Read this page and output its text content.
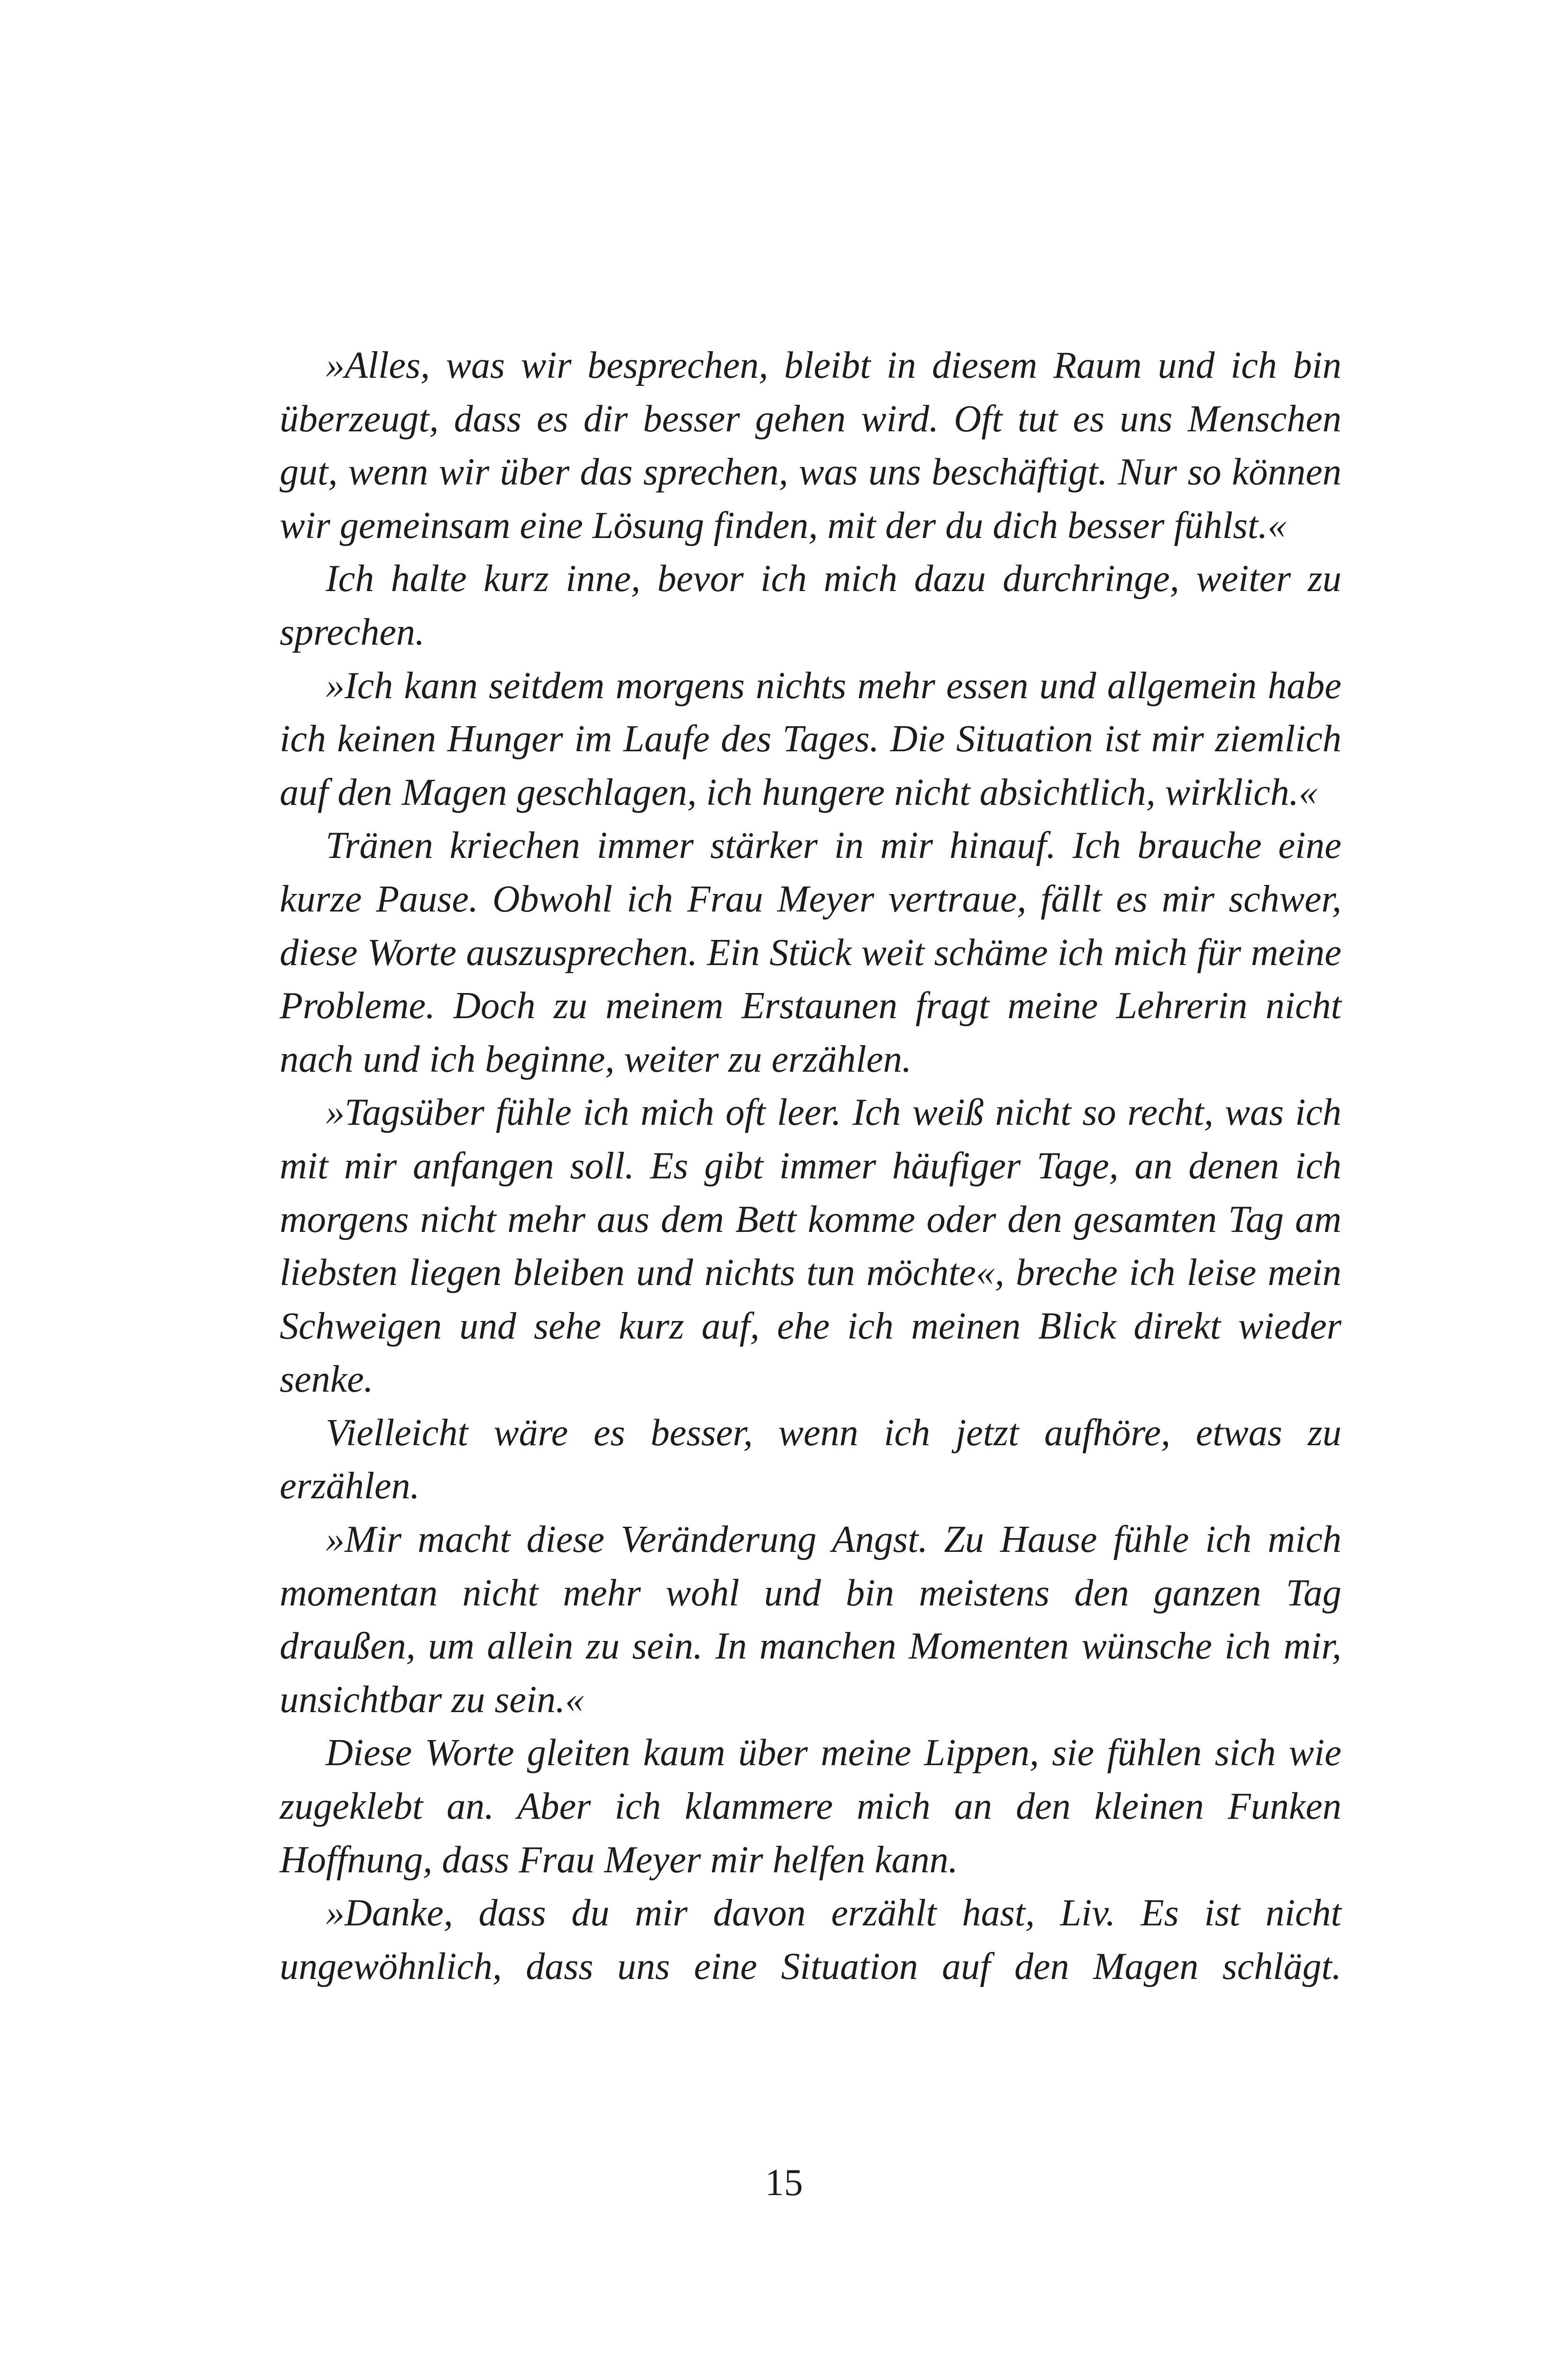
»Alles, was wir besprechen, bleibt in diesem Raum und ich bin überzeugt, dass es dir besser gehen wird. Oft tut es uns Menschen gut, wenn wir über das sprechen, was uns beschäftigt. Nur so können wir gemeinsam eine Lösung finden, mit der du dich besser fühlst.«

Ich halte kurz inne, bevor ich mich dazu durchringe, weiter zu sprechen.

»Ich kann seitdem morgens nichts mehr essen und allgemein habe ich keinen Hunger im Laufe des Tages. Die Situation ist mir ziemlich auf den Magen geschlagen, ich hungere nicht absichtlich, wirklich.«

Tränen kriechen immer stärker in mir hinauf. Ich brauche eine kurze Pause. Obwohl ich Frau Meyer vertraue, fällt es mir schwer, diese Worte auszusprechen. Ein Stück weit schäme ich mich für meine Probleme. Doch zu meinem Erstaunen fragt meine Lehrerin nicht nach und ich beginne, weiter zu erzählen.

»Tagsüber fühle ich mich oft leer. Ich weiß nicht so recht, was ich mit mir anfangen soll. Es gibt immer häufiger Tage, an denen ich morgens nicht mehr aus dem Bett komme oder den gesamten Tag am liebsten liegen bleiben und nichts tun möchte«, breche ich leise mein Schweigen und sehe kurz auf, ehe ich meinen Blick direkt wieder senke.

Vielleicht wäre es besser, wenn ich jetzt aufhöre, etwas zu erzählen.

»Mir macht diese Veränderung Angst. Zu Hause fühle ich mich momentan nicht mehr wohl und bin meistens den ganzen Tag draußen, um allein zu sein. In manchen Momenten wünsche ich mir, unsichtbar zu sein.«

Diese Worte gleiten kaum über meine Lippen, sie fühlen sich wie zugeklebt an. Aber ich klammere mich an den kleinen Funken Hoffnung, dass Frau Meyer mir helfen kann.

»Danke, dass du mir davon erzählt hast, Liv. Es ist nicht ungewöhnlich, dass uns eine Situation auf den Magen schlägt.

15
